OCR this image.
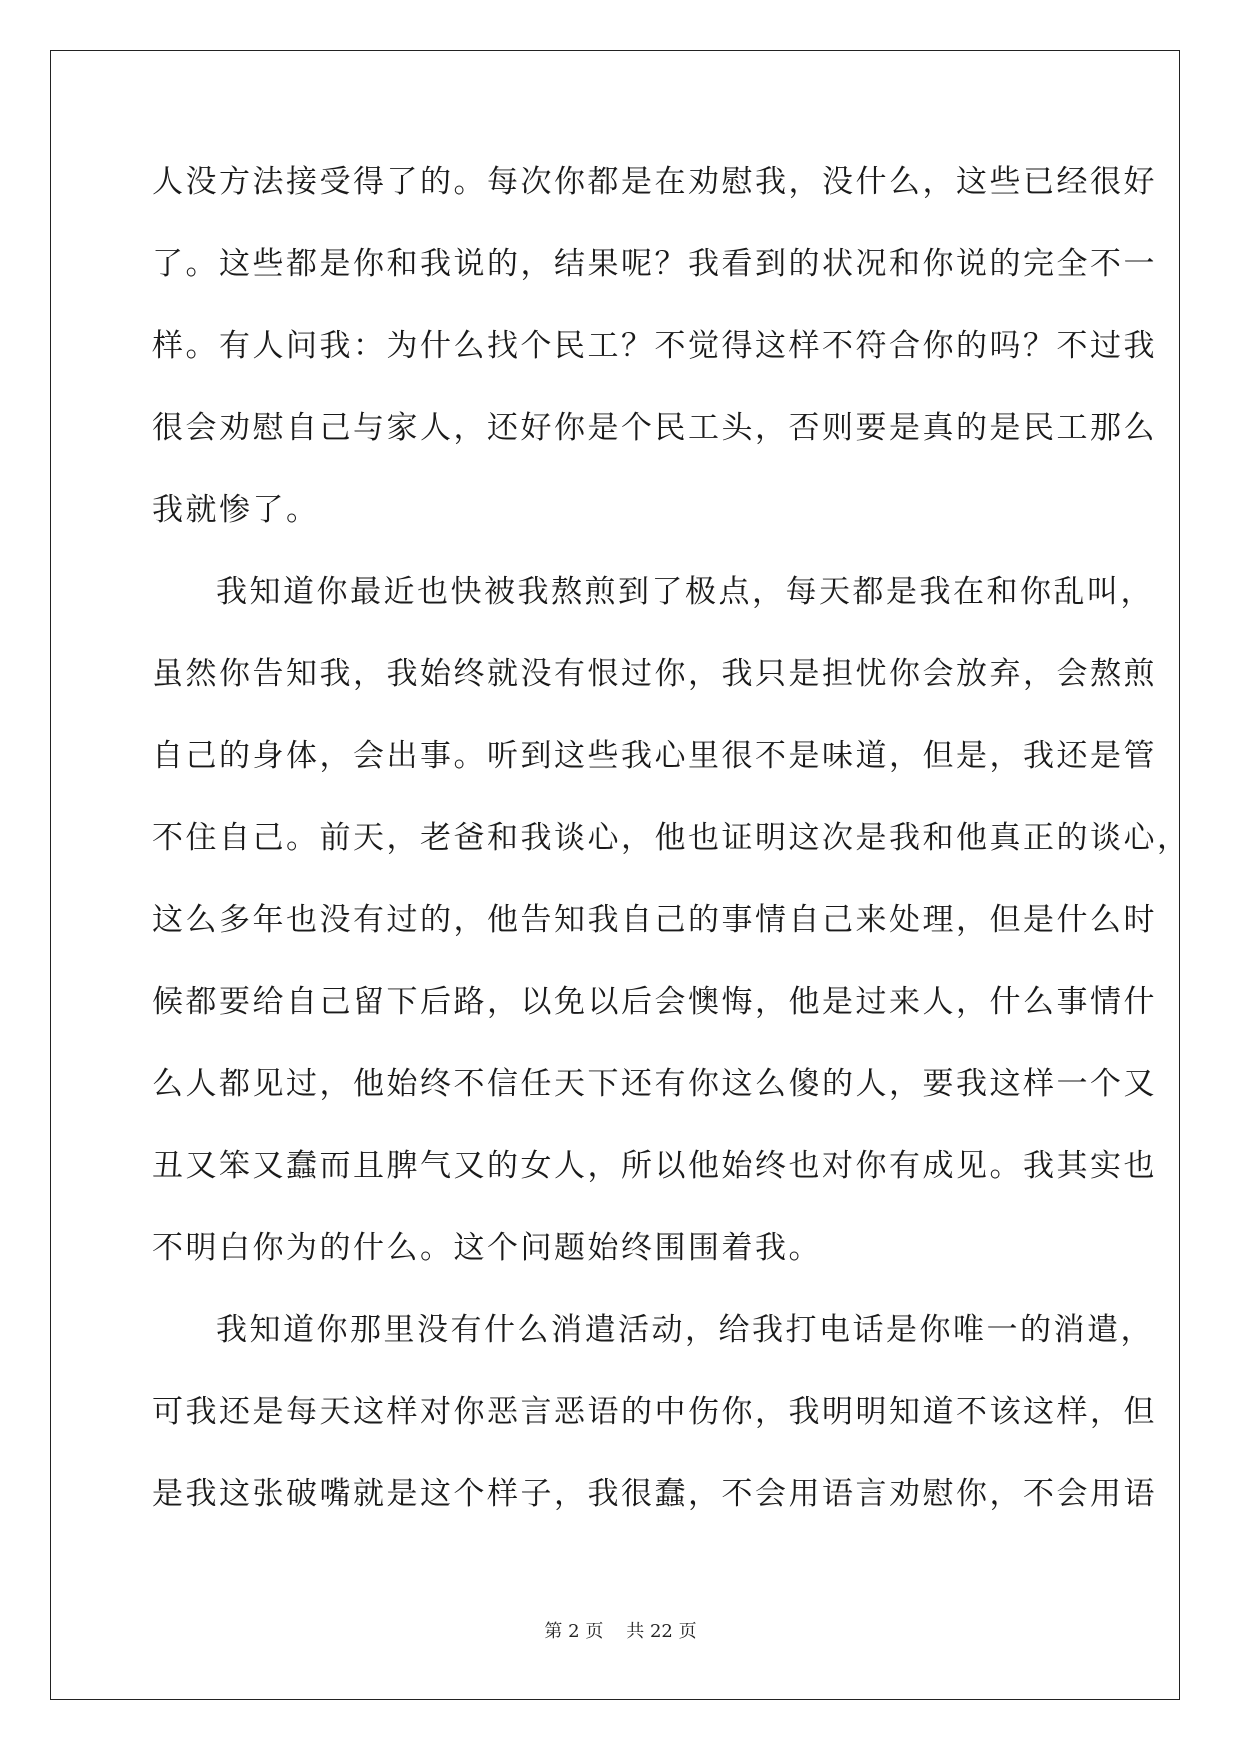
人没方法接受得了的。每次你都是在劝慰我，没什么，这些已经很好
了。这些都是你和我说的，结果呢？我看到的状况和你说的完全不一
样。有人问我：为什么找个民工？不觉得这样不符合你的吗？不过我
很会劝慰自己与家人，还好你是个民工头，否则要是真的是民工那么
我就惨了。
我知道你最近也快被我熬煎到了极点，每天都是我在和你乱叫，
虽然你告知我，我始终就没有恨过你，我只是担忧你会放弃，会熬煎
自己的身体，会出事。听到这些我心里很不是味道，但是，我还是管
不住自己。前天，老爸和我谈心，他也证明这次是我和他真正的谈心，
这么多年也没有过的，他告知我自己的事情自己来处理，但是什么时
候都要给自己留下后路，以免以后会懊悔，他是过来人，什么事情什
么人都见过，他始终不信任天下还有你这么傻的人，要我这样一个又
丑又笨又蠢而且脾气又的女人，所以他始终也对你有成见。我其实也
不明白你为的什么。这个问题始终围围着我。
我知道你那里没有什么消遣活动，给我打电话是你唯一的消遣，
可我还是每天这样对你恶言恶语的中伤你，我明明知道不该这样，但
是我这张破嘴就是这个样子，我很蠢，不会用语言劝慰你，不会用语
第 2 页 共 22 页
